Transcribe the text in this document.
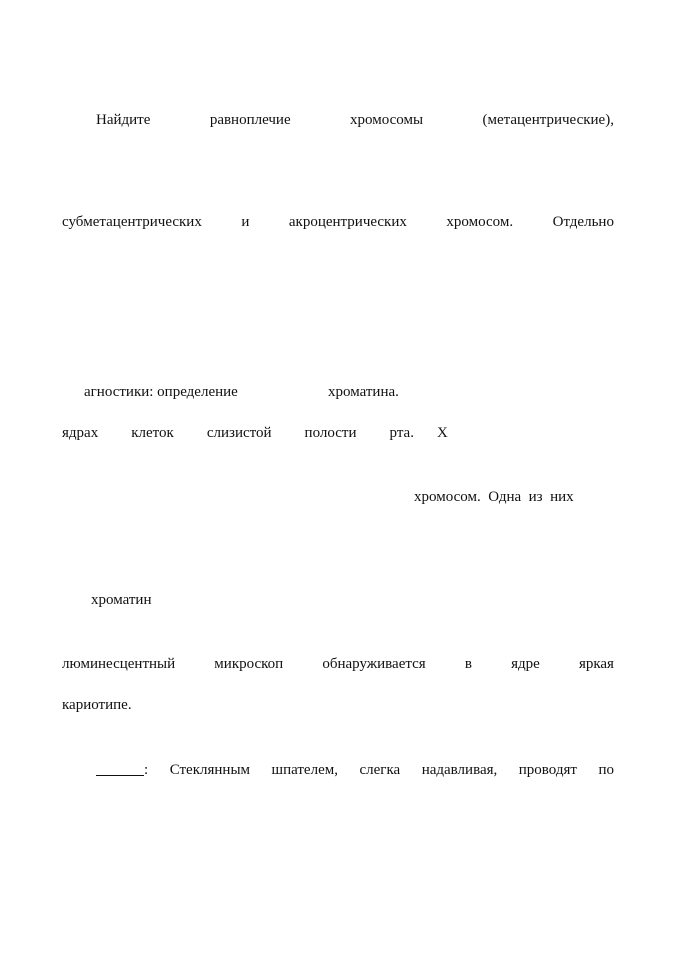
Найдите	равноплечие	хромосомы	(метацентрические),
субметацентрических	и	акроцентрических	хромосом.	Отдельно
агностики: определение	хроматина.
ядрах клеток слизистой полости рта. X
хромосом.  Одна  из  них
хроматин
люминесцентный	микроскоп	обнаруживается	в	ядре	яркая
кариотипе.
: Стеклянным шпателем, слегка надавливая, проводят по
